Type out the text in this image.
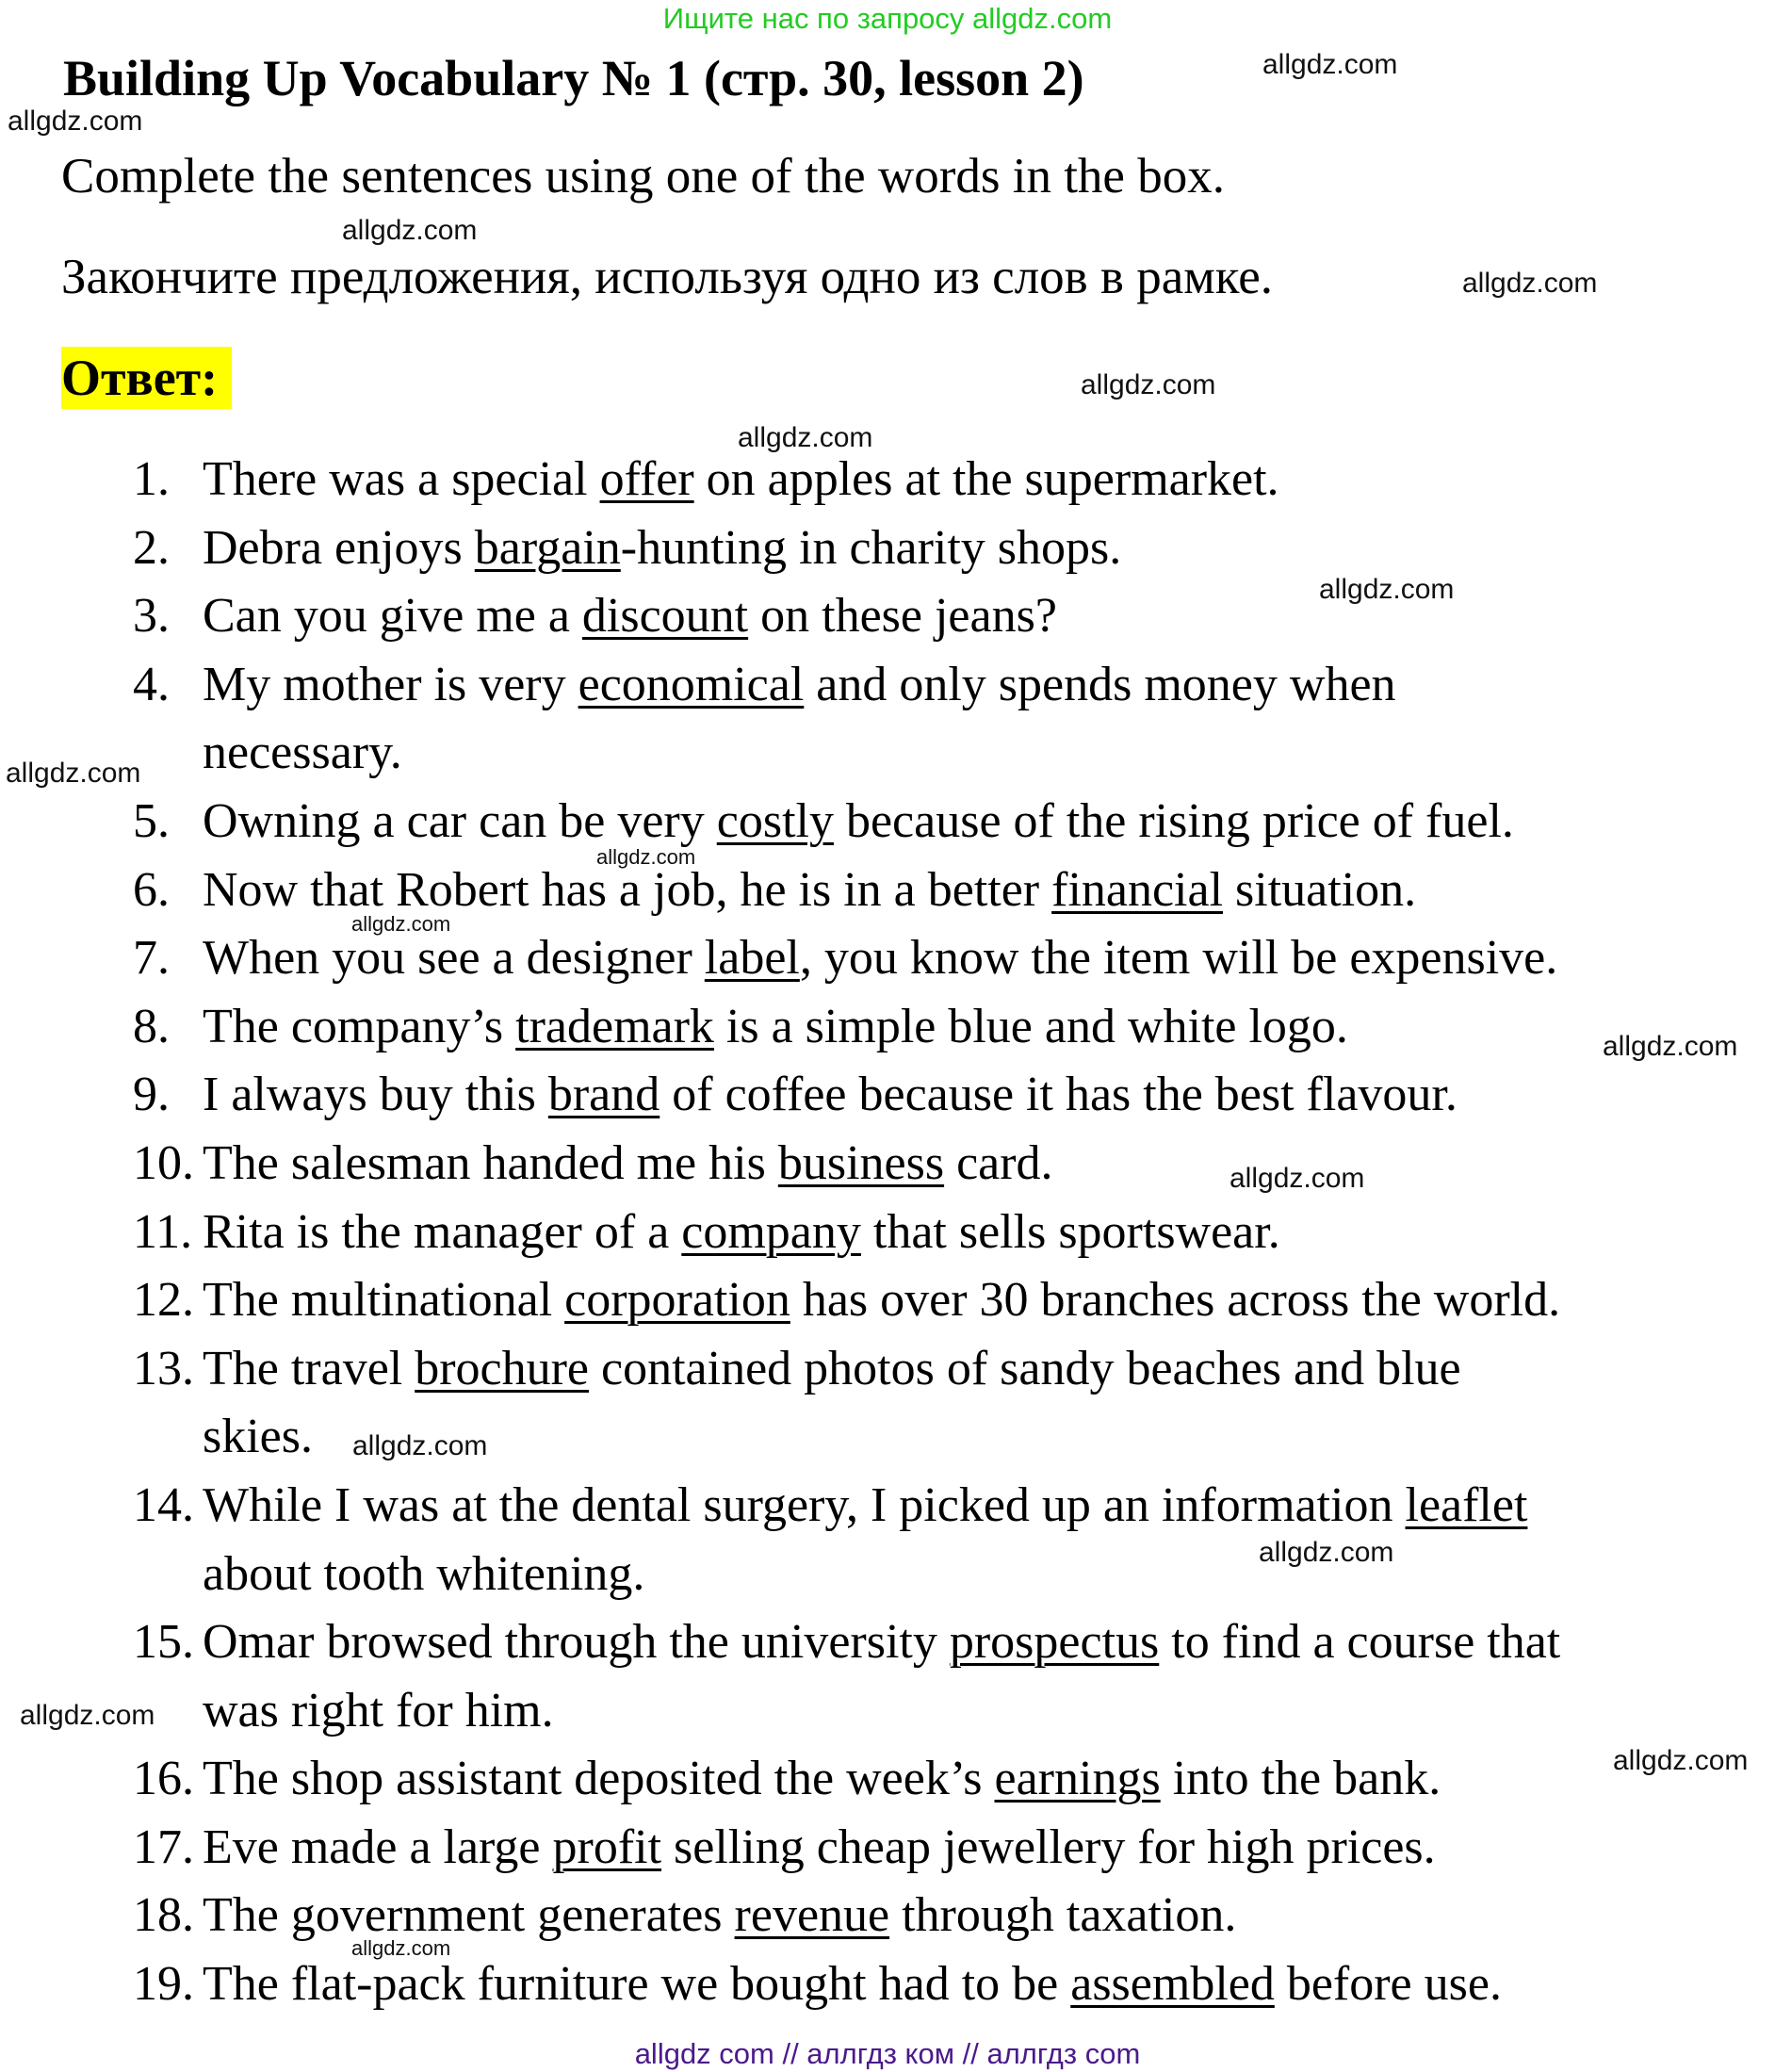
Ищите нас по запросу allgdz.com
Building Up Vocabulary № 1 (стр. 30, lesson 2)
Complete the sentences using one of the words in the box.
Закончите предложения, используя одно из слов в рамке.
Ответ:
1. There was a special offer on apples at the supermarket.
2. Debra enjoys bargain-hunting in charity shops.
3. Can you give me a discount on these jeans?
4. My mother is very economical and only spends money when
necessary.
5. Owning a car can be very costly because of the rising price of fuel.
6. Now that Robert has a job, he is in a better financial situation.
7. When you see a designer label, you know the item will be expensive.
8. The company’s trademark is a simple blue and white logo.
9. I always buy this brand of coffee because it has the best flavour.
10. The salesman handed me his business card.
11. Rita is the manager of a company that sells sportswear.
12. The multinational corporation has over 30 branches across the world.
13. The travel brochure contained photos of sandy beaches and blue
skies.
14. While I was at the dental surgery, I picked up an information leaflet
about tooth whitening.
15. Omar browsed through the university prospectus to find a course that
was right for him.
16. The shop assistant deposited the week’s earnings into the bank.
17. Eve made a large profit selling cheap jewellery for high prices.
18. The government generates revenue through taxation.
19. The flat-pack furniture we bought had to be assembled before use.
allgdz.com
allgdz.com
allgdz.com
allgdz.com
allgdz.com
allgdz.com
allgdz.com
allgdz.com
allgdz.com
allgdz.com
allgdz.com
allgdz.com
allgdz.com
allgdz.com
allgdz.com
allgdz.com
allgdz.com
allgdz com // аллгдз ком // аллгдз com
